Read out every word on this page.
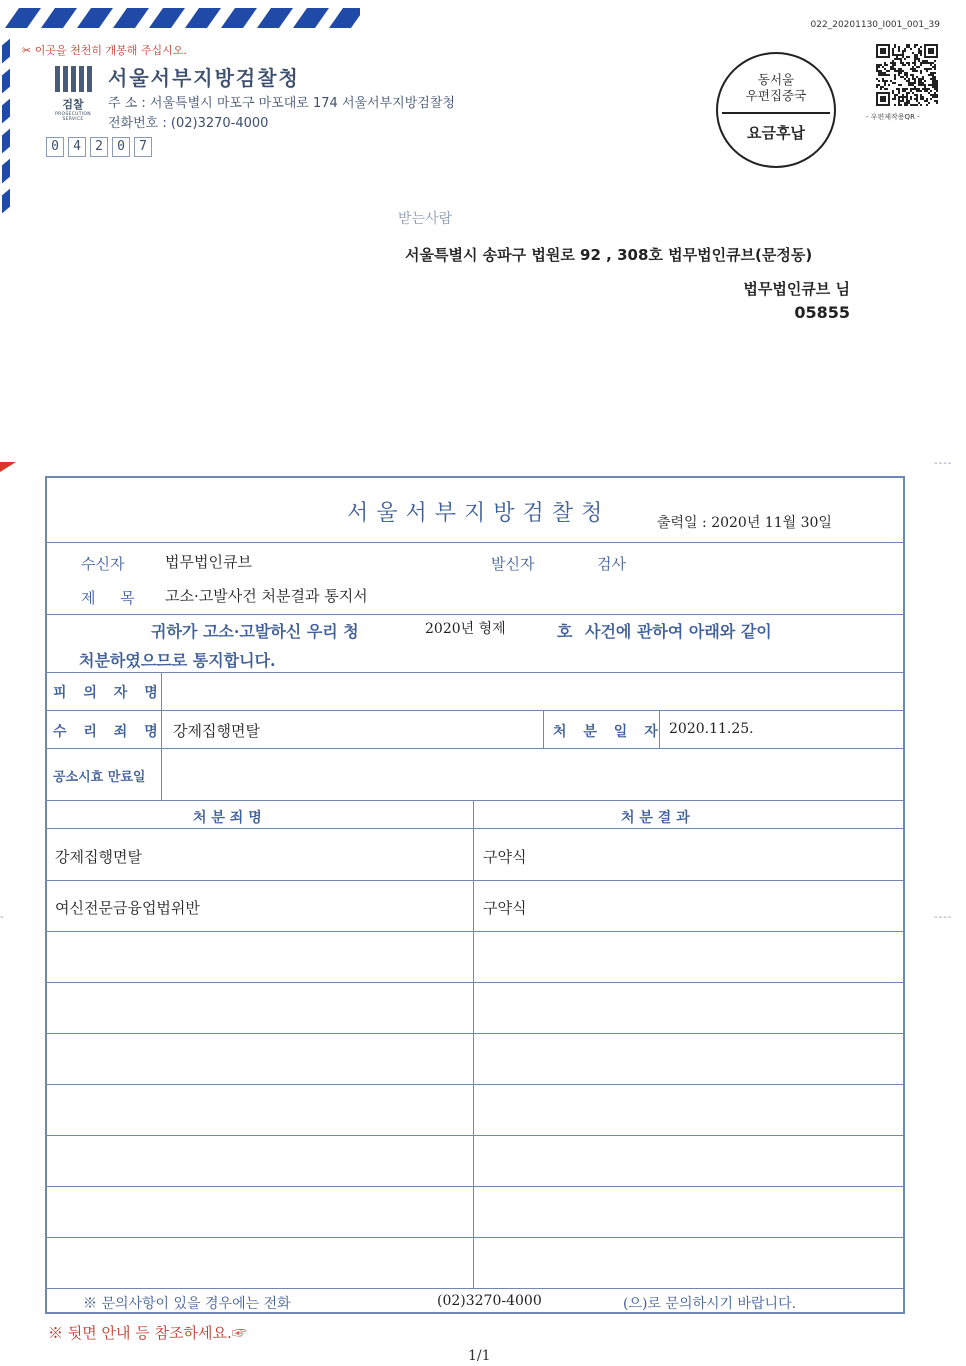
✂ 이곳을 천천히 개봉해 주십시오.
검찰
PROSECUTION SERVICE
서울서부지방검찰청
주 소 : 서울특별시 마포구 마포대로 174 서울서부지방검찰청
전화번호 : (02)3270-4000
0	4	2	0	7
022_20201130_I001_001_39
동서울
우편집중국
요금후납
- 우편제작용QR -
받는사람
서울특별시 송파구 법원로 92 , 308호 법무법인큐브(문정동)
법무법인큐브 님
05855
----
----
-
서울서부지방검찰청	출력일 : 2020년 11월 30일
수신자	법무법인큐브	발신자	검사
제 목 고소·고발사건 처분결과 통지서
귀하가 고소·고발하신 우리 청	2020년 형제	호 사건에 관하여 아래와 같이
처분하였으므로 통지합니다.
피 의 자 명
수 리 죄 명 강제집행면탈	처 분 일 자 2020.11.25.
공소시효 만료일
처 분 죄 명	처 분 결 과
강제집행면탈	구약식
여신전문금융업법위반	구약식
※ 문의사항이 있을 경우에는 전화	(02)3270-4000	(으)로 문의하시기 바랍니다.
※ 뒷면 안내 등 참조하세요.☞
1/1
